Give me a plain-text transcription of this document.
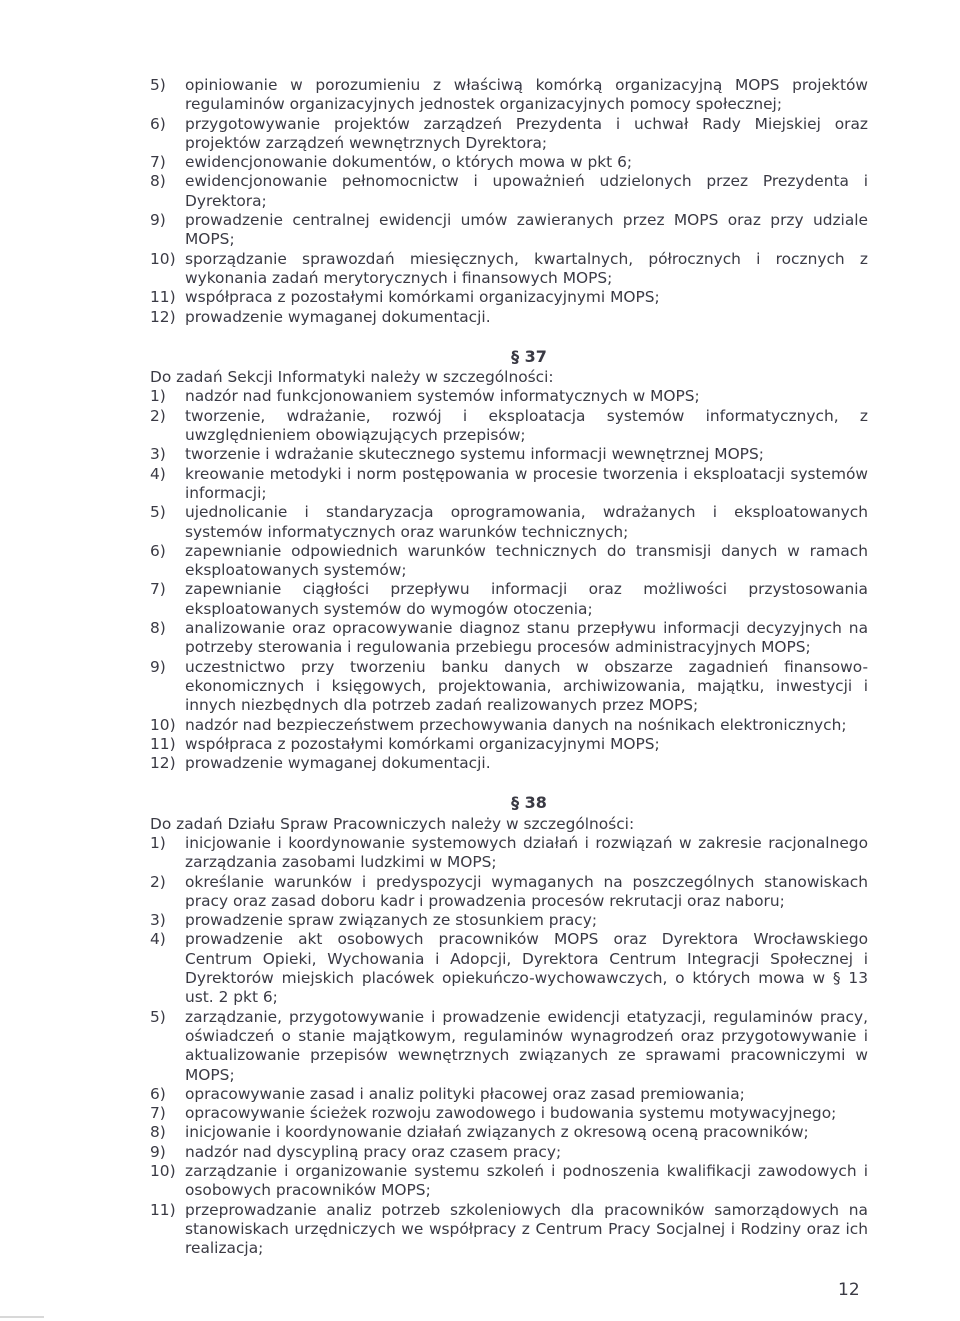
5)	opiniowanie w porozumieniu z właściwą komórką organizacyjną MOPS projektów regulaminów organizacyjnych jednostek organizacyjnych pomocy społecznej;
6)	przygotowywanie projektów zarządzeń Prezydenta i uchwał Rady Miejskiej oraz projektów zarządzeń wewnętrznych Dyrektora;
7)	ewidencjonowanie dokumentów, o których mowa w pkt 6;
8)	ewidencjonowanie pełnomocnictw i upoważnień udzielonych przez Prezydenta i Dyrektora;
9)	prowadzenie centralnej ewidencji umów zawieranych przez MOPS oraz przy udziale MOPS;
10) sporządzanie sprawozdań miesięcznych, kwartalnych, półrocznych i rocznych z wykonania zadań merytorycznych i finansowych MOPS;
11) współpraca z pozostałymi komórkami organizacyjnymi MOPS;
12) prowadzenie wymaganej dokumentacji.
§ 37

Do zadań Sekcji Informatyki należy w szczególności:

1)	nadzór nad funkcjonowaniem systemów informatycznych w MOPS;
2)	tworzenie, wdrażanie, rozwój i eksploatacja systemów informatycznych, z uwzględnieniem obowiązujących przepisów;
3)	tworzenie i wdrażanie skutecznego systemu informacji wewnętrznej MOPS;
4)	kreowanie metodyki i norm postępowania w procesie tworzenia i eksploatacji systemów informacji;
5)	ujednolicanie i standaryzacja oprogramowania, wdrażanych i eksploatowanych systemów informatycznych oraz warunków technicznych;
6)	zapewnianie odpowiednich warunków technicznych do transmisji danych w ramach eksploatowanych systemów;
7)	zapewnianie ciągłości przepływu informacji oraz możliwości przystosowania eksploatowanych systemów do wymogów otoczenia;
8)	analizowanie oraz opracowywanie diagnoz stanu przepływu informacji decyzyjnych na potrzeby sterowania i regulowania przebiegu procesów administracyjnych MOPS;
9)	uczestnictwo przy tworzeniu banku danych w obszarze zagadnień finansowo-ekonomicznych i księgowych, projektowania, archiwizowania, majątku, inwestycji i innych niezbędnych dla potrzeb zadań realizowanych przez MOPS;
10) nadzór nad bezpieczeństwem przechowywania danych na nośnikach elektronicznych;
11) współpraca z pozostałymi komórkami organizacyjnymi MOPS;
12) prowadzenie wymaganej dokumentacji.
§ 38

Do zadań Działu Spraw Pracowniczych należy w szczególności:

1)	inicjowanie i koordynowanie systemowych działań i rozwiązań w zakresie racjonalnego zarządzania zasobami ludzkimi w MOPS;
2)	określanie warunków i predyspozycji wymaganych na poszczególnych stanowiskach pracy oraz zasad doboru kadr i prowadzenia procesów rekrutacji oraz naboru;
3)	prowadzenie spraw związanych ze stosunkiem pracy;
4)	prowadzenie akt osobowych pracowników MOPS oraz Dyrektora Wrocławskiego Centrum Opieki, Wychowania i Adopcji, Dyrektora Centrum Integracji Społecznej i Dyrektorów miejskich placówek opiekuńczo-wychowawczych, o których mowa w § 13 ust. 2 pkt 6;
5)	zarządzanie, przygotowywanie i prowadzenie ewidencji etatyzacji, regulaminów pracy, oświadczeń o stanie majątkowym, regulaminów wynagrodzeń oraz przygotowywanie i aktualizowanie przepisów wewnętrznych związanych ze sprawami pracowniczymi w MOPS;
6)	opracowywanie zasad i analiz polityki płacowej oraz zasad premiowania;
7)	opracowywanie ścieżek rozwoju zawodowego i budowania systemu motywacyjnego;
8)	inicjowanie i koordynowanie działań związanych z okresową oceną pracowników;
9)	nadzór nad dyscypliną pracy oraz czasem pracy;
10) zarządzanie i organizowanie systemu szkoleń i podnoszenia kwalifikacji zawodowych i osobowych pracowników MOPS;
11) przeprowadzanie analiz potrzeb szkoleniowych dla pracowników samorządowych na stanowiskach urzędniczych we współpracy z Centrum Pracy Socjalnej i Rodziny oraz ich realizacja;
12
